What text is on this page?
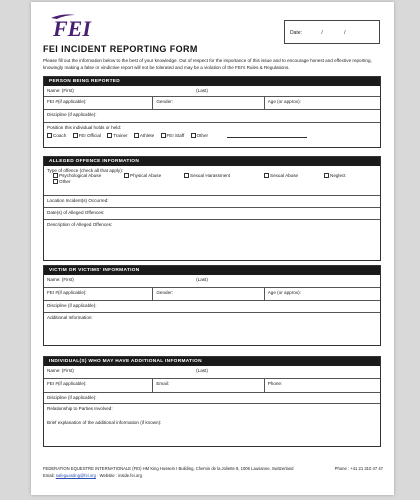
FEI	Date:	/	/
FEI INCIDENT REPORTING FORM
Please fill out the information below to the best of your knowledge. Out of respect for the importance of this issue and to encourage honest and effective reporting, knowingly making a false or vindictive report will not be tolerated and may be a violation of the FEI's Rules & Regulations.
PERSON BEING REPORTED
Name: (First)	(Last)
FEI #(if applicable):	Gender:	Age (or approx):
Discipline (if applicable):
Position this individual holds or held:
Coach	FEI Official	Trainer	Athlete	FEI Staff	Other
ALLEGED OFFENCE INFORMATION
Type of offence (check all that apply):
Psychological Abuse	Physical Abuse	Sexual Harassment	Sexual Abuse	Neglect
Other
Location Incident(s) Occurred:
Date(s) of Alleged Offences:
Description of Alleged Offences:
VICTIM OR VICTIMS' INFORMATION
Name: (First)	(Last)
FEI #(if applicable):	Gender:	Age (or approx):
Discipline (if applicable):
Additional Information:
INDIVIDUAL(S) WHO MAY HAVE ADDITIONAL INFORMATION
Name: (First)	(Last)
FEI #(if applicable):	Email:	Phone:
Discipline (if applicable):
Relationship to Parties Involved:
Brief explanation of the additional information (if known):
FEDERATION EQUESTRE INTERNATIONALE (FEI) HM King Hussein I Building, Chemin de la Joliette 8, 1006 Lausanne, Switzerland	Phone : +41 21 310 47 47
Email: safeguarding@fei.org · Website : inside.fei.org
